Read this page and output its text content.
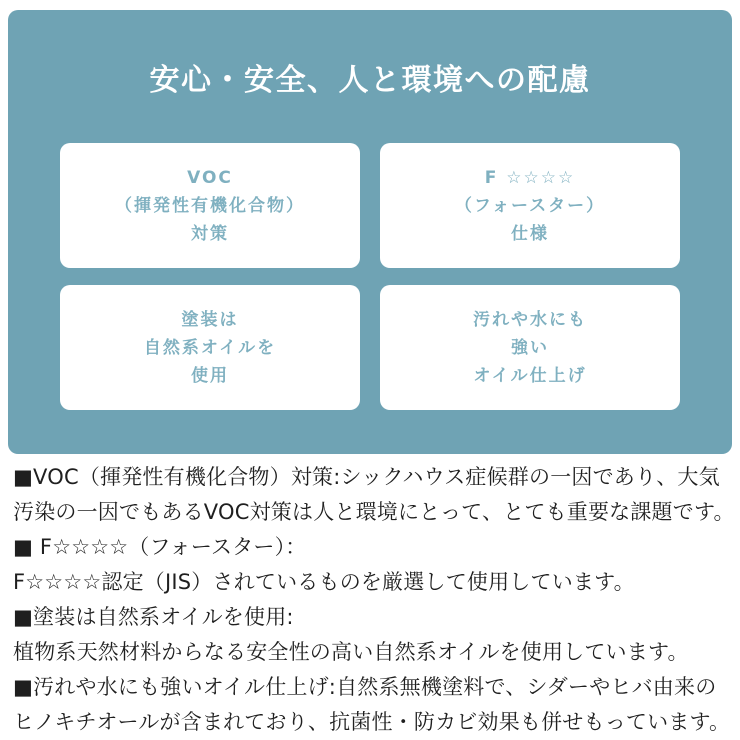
安心・安全、人と環境への配慮
VOC
（揮発性有機化合物）
対策
F ☆☆☆☆
（フォースター）
仕様
塗装は
自然系オイルを
使用
汚れや水にも
強い
オイル仕上げ
■VOC（揮発性有機化合物）対策:シックハウス症候群の一因であり、大気
汚染の一因でもあるVOC対策は人と環境にとって、とても重要な課題です。
■ F☆☆☆☆（フォースター）：
F☆☆☆☆認定（JIS）されているものを厳選して使用しています。
■塗装は自然系オイルを使用:
植物系天然材料からなる安全性の高い自然系オイルを使用しています。
■汚れや水にも強いオイル仕上げ:自然系無機塗料で、シダーやヒバ由来の
ヒノキチオールが含まれており、抗菌性・防カビ効果も併せもっています。
